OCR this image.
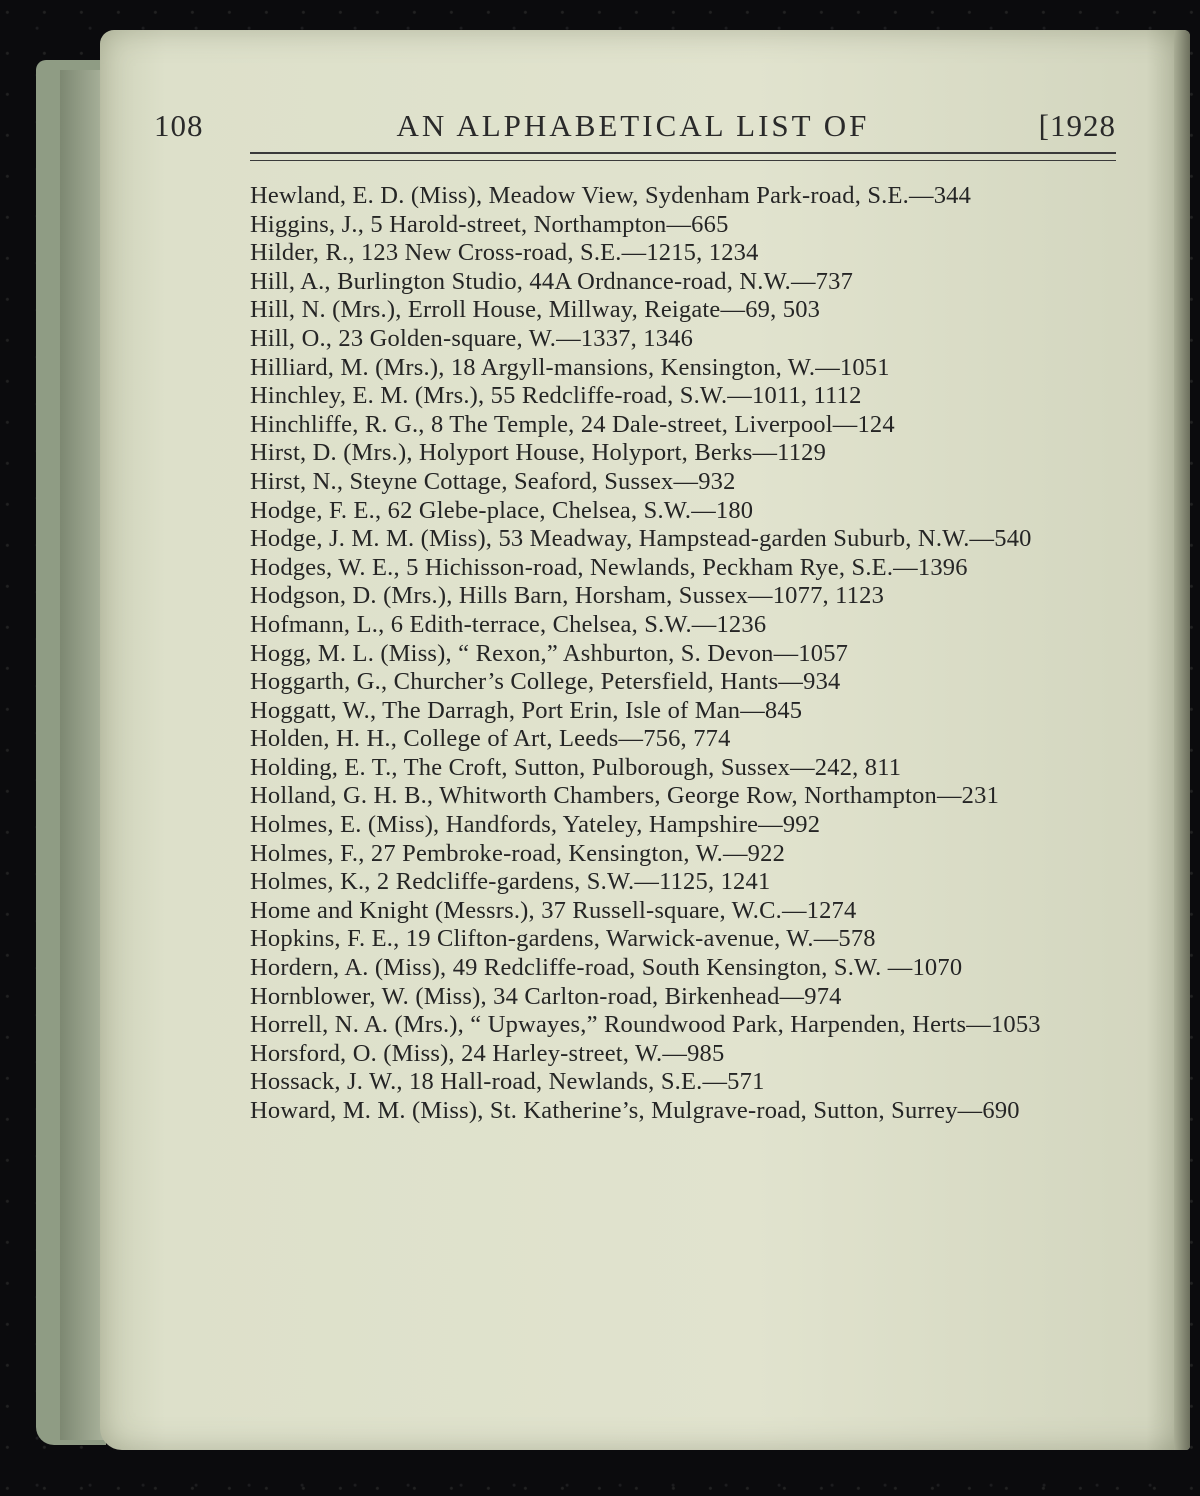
108	AN ALPHABETICAL LIST OF	[1928
Hewland, E. D. (Miss), Meadow View, Sydenham Park-road, S.E.—344
Higgins, J., 5 Harold-street, Northampton—665
Hilder, R., 123 New Cross-road, S.E.—1215, 1234
Hill, A., Burlington Studio, 44A Ordnance-road, N.W.—737
Hill, N. (Mrs.), Erroll House, Millway, Reigate—69, 503
Hill, O., 23 Golden-square, W.—1337, 1346
Hilliard, M. (Mrs.), 18 Argyll-mansions, Kensington, W.—1051
Hinchley, E. M. (Mrs.), 55 Redcliffe-road, S.W.—1011, 1112
Hinchliffe, R. G., 8 The Temple, 24 Dale-street, Liverpool—124
Hirst, D. (Mrs.), Holyport House, Holyport, Berks—1129
Hirst, N., Steyne Cottage, Seaford, Sussex—932
Hodge, F. E., 62 Glebe-place, Chelsea, S.W.—180
Hodge, J. M. M. (Miss), 53 Meadway, Hampstead-garden Suburb, N.W.—540
Hodges, W. E., 5 Hichisson-road, Newlands, Peckham Rye, S.E.—1396
Hodgson, D. (Mrs.), Hills Barn, Horsham, Sussex—1077, 1123
Hofmann, L., 6 Edith-terrace, Chelsea, S.W.—1236
Hogg, M. L. (Miss), “ Rexon,” Ashburton, S. Devon—1057
Hoggarth, G., Churcher’s College, Petersfield, Hants—934
Hoggatt, W., The Darragh, Port Erin, Isle of Man—845
Holden, H. H., College of Art, Leeds—756, 774
Holding, E. T., The Croft, Sutton, Pulborough, Sussex—242, 811
Holland, G. H. B., Whitworth Chambers, George Row, Northampton—231
Holmes, E. (Miss), Handfords, Yateley, Hampshire—992
Holmes, F., 27 Pembroke-road, Kensington, W.—922
Holmes, K., 2 Redcliffe-gardens, S.W.—1125, 1241
Home and Knight (Messrs.), 37 Russell-square, W.C.—1274
Hopkins, F. E., 19 Clifton-gardens, Warwick-avenue, W.—578
Hordern, A. (Miss), 49 Redcliffe-road, South Kensington, S.W. —1070
Hornblower, W. (Miss), 34 Carlton-road, Birkenhead—974
Horrell, N. A. (Mrs.), “ Upwayes,” Roundwood Park, Harpenden, Herts—1053
Horsford, O. (Miss), 24 Harley-street, W.—985
Hossack, J. W., 18 Hall-road, Newlands, S.E.—571
Howard, M. M. (Miss), St. Katherine’s, Mulgrave-road, Sutton, Surrey—690
